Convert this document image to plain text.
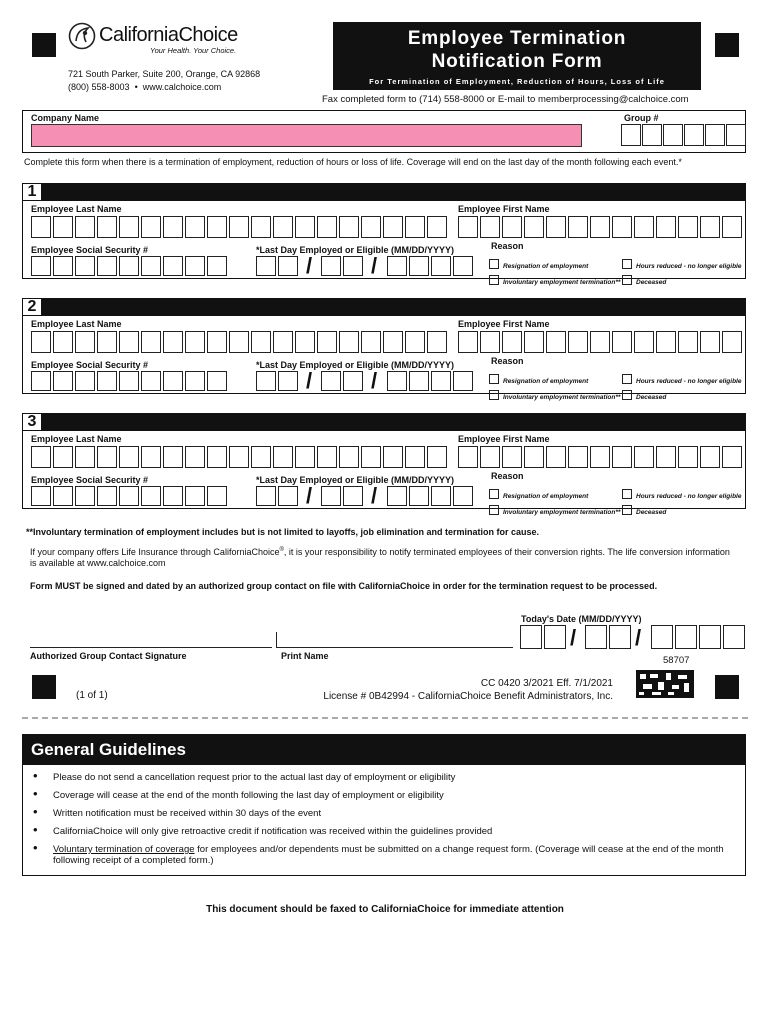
CaliforniaChoice
Your Health. Your Choice.
721 South Parker, Suite 200, Orange, CA 92868
(800) 558-8003  •  www.calchoice.com
Employee Termination
Notification Form
For Termination of Employment, Reduction of Hours, Loss of Life
Fax completed form to (714) 558-8000 or E-mail to memberprocessing@calchoice.com
Company Name	Group #
Complete this form when there is a termination of employment, reduction of hours or loss of life. Coverage will end on the last day of the month following each event.*
1
Employee Last Name	Employee First Name
Employee Social Security #	*Last Day Employed or Eligible (MM/DD/YYYY)
/	/
Reason
Resignation of employment	Hours reduced - no longer eligible
Involuntary employment termination**	Deceased
2
Employee Last Name	Employee First Name
Employee Social Security #	*Last Day Employed or Eligible (MM/DD/YYYY)
/	/
Reason
Resignation of employment	Hours reduced - no longer eligible
Involuntary employment termination**	Deceased
3
Employee Last Name	Employee First Name
Employee Social Security #	*Last Day Employed or Eligible (MM/DD/YYYY)
/	/
Reason
Resignation of employment	Hours reduced - no longer eligible
Involuntary employment termination**	Deceased
**Involuntary termination of employment includes but is not limited to layoffs, job elimination and termination for cause.
If your company offers Life Insurance through CaliforniaChoice®, it is your responsibility to notify terminated employees of their conversion rights. The life conversion information is available at www.calchoice.com
Form MUST be signed and dated by an authorized group contact on file with CaliforniaChoice in order for the termination request to be processed.
Today's Date (MM/DD/YYYY)
/	/
Authorized Group Contact Signature	Print Name	58707
(1 of 1)
CC 0420 3/2021 Eff. 7/1/2021
License # 0B42994 - CaliforniaChoice Benefit Administrators, Inc.
General Guidelines
• Please do not send a cancellation request prior to the actual last day of employment or eligibility
• Coverage will cease at the end of the month following the last day of employment or eligibility
• Written notification must be received within 30 days of the event
• CaliforniaChoice will only give retroactive credit if notification was received within the guidelines provided
• Voluntary termination of coverage for employees and/or dependents must be submitted on a change request form. (Coverage will cease at the end of the month following receipt of a completed form.)
This document should be faxed to CaliforniaChoice for immediate attention
